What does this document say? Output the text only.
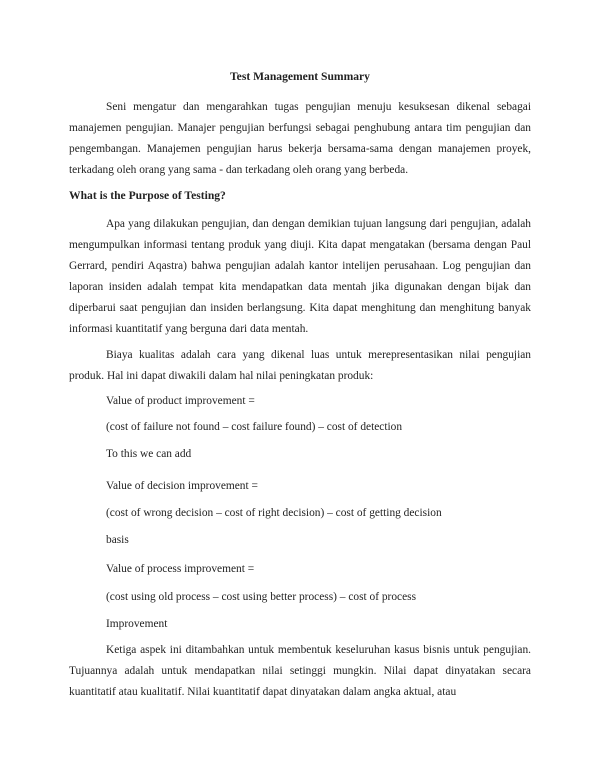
Test Management Summary

Seni mengatur dan mengarahkan tugas pengujian menuju kesuksesan dikenal sebagai manajemen pengujian. Manajer pengujian berfungsi sebagai penghubung antara tim pengujian dan pengembangan. Manajemen pengujian harus bekerja bersama-sama dengan manajemen proyek, terkadang oleh orang yang sama - dan terkadang oleh orang yang berbeda.

What is the Purpose of Testing?

Apa yang dilakukan pengujian, dan dengan demikian tujuan langsung dari pengujian, adalah mengumpulkan informasi tentang produk yang diuji. Kita dapat mengatakan (bersama dengan Paul Gerrard, pendiri Aqastra) bahwa pengujian adalah kantor intelijen perusahaan. Log pengujian dan laporan insiden adalah tempat kita mendapatkan data mentah jika digunakan dengan bijak dan diperbarui saat pengujian dan insiden berlangsung. Kita dapat menghitung dan menghitung banyak informasi kuantitatif yang berguna dari data mentah.

Biaya kualitas adalah cara yang dikenal luas untuk merepresentasikan nilai pengujian produk. Hal ini dapat diwakili dalam hal nilai peningkatan produk:

Value of product improvement =

(cost of failure not found – cost failure found) – cost of detection

To this we can add

Value of decision improvement =

(cost of wrong decision – cost of right decision) – cost of getting decision

basis

Value of process improvement =

(cost using old process – cost using better process) – cost of process

Improvement

Ketiga aspek ini ditambahkan untuk membentuk keseluruhan kasus bisnis untuk pengujian. Tujuannya adalah untuk mendapatkan nilai setinggi mungkin. Nilai dapat dinyatakan secara kuantitatif atau kualitatif. Nilai kuantitatif dapat dinyatakan dalam angka aktual, atau
